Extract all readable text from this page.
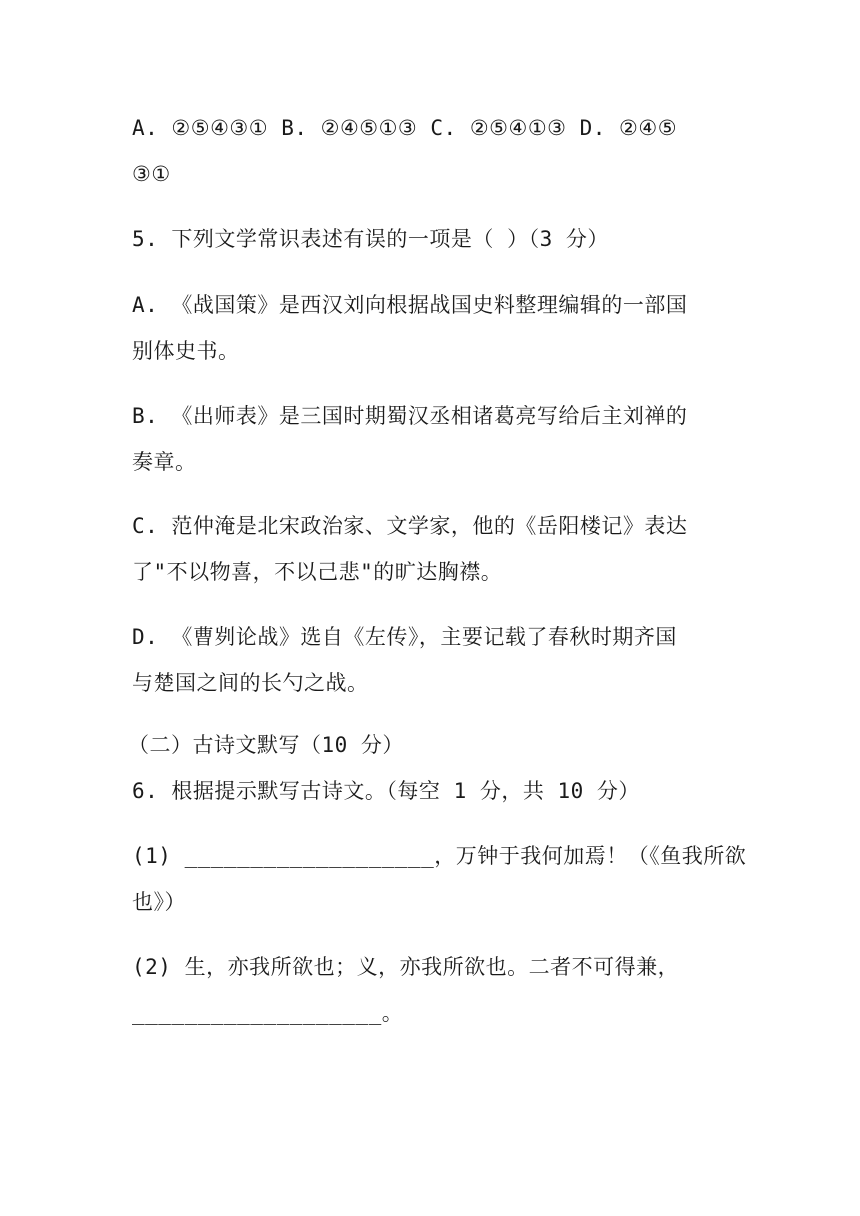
A. ②⑤④③① B. ②④⑤①③ C. ②⑤④①③ D. ②④⑤
③①
5. 下列文学常识表述有误的一项是（ ）（3 分）
A. 《战国策》是西汉刘向根据战国史料整理编辑的一部国
别体史书。
B. 《出师表》是三国时期蜀汉丞相诸葛亮写给后主刘禅的
奏章。
C. 范仲淹是北宋政治家、文学家，他的《岳阳楼记》表达
了"不以物喜，不以己悲"的旷达胸襟。
D. 《曹刿论战》选自《左传》，主要记载了春秋时期齐国
与楚国之间的长勺之战。
（二）古诗文默写（10 分）
6. 根据提示默写古诗文。（每空 1 分，共 10 分）
(1) ___________________，万钟于我何加焉！（《鱼我所欲
也》）
(2) 生，亦我所欲也；义，亦我所欲也。二者不可得兼，
___________________。
